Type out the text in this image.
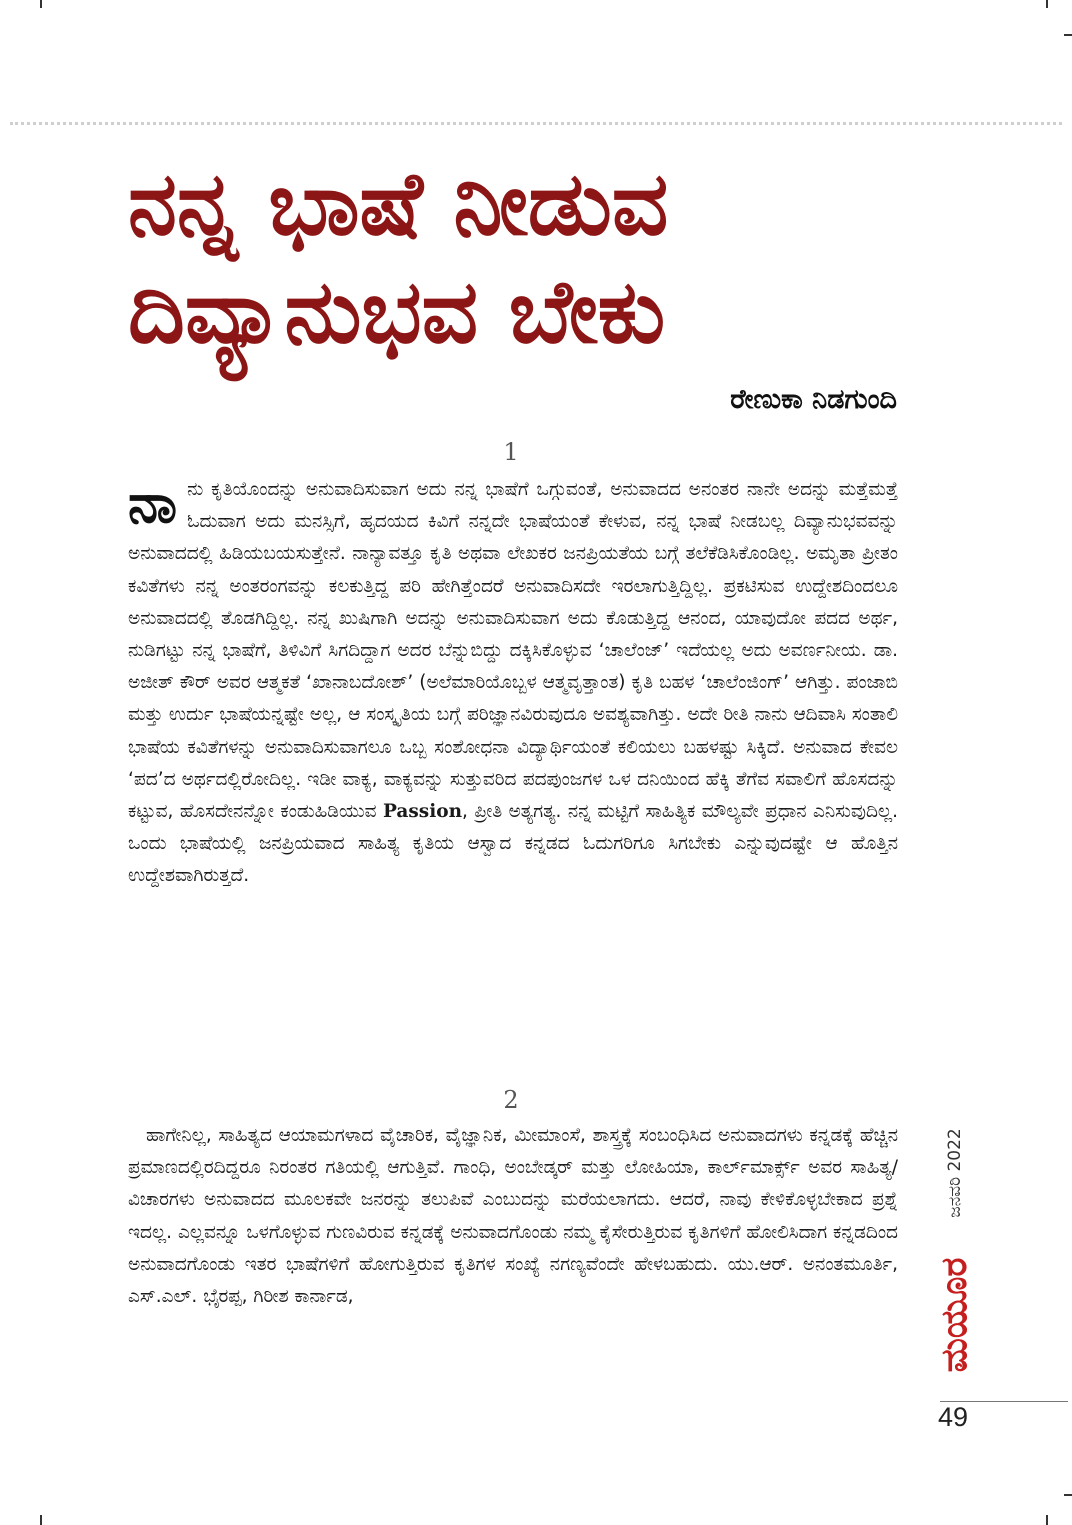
ನನ್ನ ಭಾಷೆ ನೀಡುವ
ದಿವ್ಯಾನುಭವ ಬೇಕು
ರೇಣುಕಾ ನಿಡಗುಂದಿ
1

ನಾನು ಕೃತಿಯೊಂದನ್ನು ಅನುವಾದಿಸುವಾಗ ಅದು ನನ್ನ ಭಾಷೆಗೆ ಒಗ್ಗುವಂತೆ, ಅನುವಾದದ ಅನಂತರ ನಾನೇ ಅದನ್ನು ಮತ್ತೆಮತ್ತೆ ಓದುವಾಗ ಅದು ಮನಸ್ಸಿಗೆ, ಹೃದಯದ ಕಿವಿಗೆ ನನ್ನದೇ ಭಾಷೆಯಂತೆ ಕೇಳುವ, ನನ್ನ ಭಾಷೆ ನೀಡಬಲ್ಲ ದಿವ್ಯಾನುಭವವನ್ನು ಅನುವಾದದಲ್ಲಿ ಹಿಡಿಯಬಯಸುತ್ತೇನೆ. ನಾನ್ಯಾವತ್ತೂ ಕೃತಿ ಅಥವಾ ಲೇಖಕರ ಜನಪ್ರಿಯತೆಯ ಬಗ್ಗೆ ತಲೆಕೆಡಿಸಿಕೊಂಡಿಲ್ಲ. ಅಮೃತಾ ಪ್ರೀತಂ ಕವಿತೆಗಳು ನನ್ನ ಅಂತರಂಗವನ್ನು ಕಲಕುತ್ತಿದ್ದ ಪರಿ ಹೇಗಿತ್ತೆಂದರೆ ಅನುವಾದಿಸದೇ ಇರಲಾಗುತ್ತಿದ್ದಿಲ್ಲ. ಪ್ರಕಟಿಸುವ ಉದ್ದೇಶದಿಂದಲೂ ಅನುವಾದದಲ್ಲಿ ತೊಡಗಿದ್ದಿಲ್ಲ. ನನ್ನ ಖುಷಿಗಾಗಿ ಅದನ್ನು ಅನುವಾದಿಸುವಾಗ ಅದು ಕೊಡುತ್ತಿದ್ದ ಆನಂದ, ಯಾವುದೋ ಪದದ ಅರ್ಥ, ನುಡಿಗಟ್ಟು ನನ್ನ ಭಾಷೆಗೆ, ತಿಳಿವಿಗೆ ಸಿಗದಿದ್ದಾಗ ಅದರ ಬೆನ್ನುಬಿದ್ದು ದಕ್ಕಿಸಿಕೊಳ್ಳುವ ‘ಚಾಲೆಂಜ್’ ಇದೆಯಲ್ಲ ಅದು ಅವರ್ಣನೀಯ. ಡಾ. ಅಜೀತ್ ಕೌರ್ ಅವರ ಆತ್ಮಕತೆ ‘ಖಾನಾಬದೋಶ್’ (ಅಲೆಮಾರಿಯೊಬ್ಬಳ ಆತ್ಮವೃತ್ತಾಂತ) ಕೃತಿ ಬಹಳ ‘ಚಾಲೆಂಜಿಂಗ್’ ಆಗಿತ್ತು. ಪಂಜಾಬಿ ಮತ್ತು ಉರ್ದು ಭಾಷೆಯನ್ನಷ್ಟೇ ಅಲ್ಲ, ಆ ಸಂಸ್ಕೃತಿಯ ಬಗ್ಗೆ ಪರಿಜ್ಞಾನವಿರುವುದೂ ಅವಶ್ಯವಾಗಿತ್ತು. ಅದೇ ರೀತಿ ನಾನು ಆದಿವಾಸಿ ಸಂತಾಲಿ ಭಾಷೆಯ ಕವಿತೆಗಳನ್ನು ಅನುವಾದಿಸುವಾಗಲೂ ಒಬ್ಬ ಸಂಶೋಧನಾ ವಿದ್ಯಾರ್ಥಿಯಂತೆ ಕಲಿಯಲು ಬಹಳಷ್ಟು ಸಿಕ್ಕಿದೆ. ಅನುವಾದ ಕೇವಲ ‘ಪದ’ದ ಅರ್ಥದಲ್ಲಿರೋದಿಲ್ಲ. ಇಡೀ ವಾಕ್ಯ, ವಾಕ್ಯವನ್ನು ಸುತ್ತುವರಿದ ಪದಪುಂಜಗಳ ಒಳ ದನಿಯಿಂದ ಹೆಕ್ಕಿ ತೆಗೆವ ಸವಾಲಿಗೆ ಹೊಸದನ್ನು ಕಟ್ಟುವ, ಹೊಸದೇನನ್ನೋ ಕಂಡುಹಿಡಿಯುವ Passion, ಪ್ರೀತಿ ಅತ್ಯಗತ್ಯ. ನನ್ನ ಮಟ್ಟಿಗೆ ಸಾಹಿತ್ಯಿಕ ಮೌಲ್ಯವೇ ಪ್ರಧಾನ ಎನಿಸುವುದಿಲ್ಲ. ಒಂದು ಭಾಷೆಯಲ್ಲಿ ಜನಪ್ರಿಯವಾದ ಸಾಹಿತ್ಯ ಕೃತಿಯ ಆಸ್ವಾದ ಕನ್ನಡದ ಓದುಗರಿಗೂ ಸಿಗಬೇಕು ಎನ್ನುವುದಷ್ಟೇ ಆ ಹೊತ್ತಿನ ಉದ್ದೇಶವಾಗಿರುತ್ತದೆ.

2

ಹಾಗೇನಿಲ್ಲ, ಸಾಹಿತ್ಯದ ಆಯಾಮಗಳಾದ ವೈಚಾರಿಕ, ವೈಜ್ಞಾನಿಕ, ಮೀಮಾಂಸೆ, ಶಾಸ್ತ್ರಕ್ಕೆ ಸಂಬಂಧಿಸಿದ ಅನುವಾದಗಳು ಕನ್ನಡಕ್ಕೆ ಹೆಚ್ಚಿನ ಪ್ರಮಾಣದಲ್ಲಿರದಿದ್ದರೂ ನಿರಂತರ ಗತಿಯಲ್ಲಿ ಆಗುತ್ತಿವೆ. ಗಾಂಧಿ, ಅಂಬೇಡ್ಕರ್ ಮತ್ತು ಲೋಹಿಯಾ, ಕಾರ್ಲ್‌ಮಾರ್ಕ್ಸ್ ಅವರ ಸಾಹಿತ್ಯ/ ವಿಚಾರಗಳು ಅನುವಾದದ ಮೂಲಕವೇ ಜನರನ್ನು ತಲುಪಿವೆ ಎಂಬುದನ್ನು ಮರೆಯಲಾಗದು. ಆದರೆ, ನಾವು ಕೇಳಿಕೊಳ್ಳಬೇಕಾದ ಪ್ರಶ್ನೆ ಇದಲ್ಲ. ಎಲ್ಲವನ್ನೂ ಒಳಗೊಳ್ಳುವ ಗುಣವಿರುವ ಕನ್ನಡಕ್ಕೆ ಅನುವಾದಗೊಂಡು ನಮ್ಮ ಕೈಸೇರುತ್ತಿರುವ ಕೃತಿಗಳಿಗೆ ಹೋಲಿಸಿದಾಗ ಕನ್ನಡದಿಂದ ಅನುವಾದಗೊಂಡು ಇತರ ಭಾಷೆಗಳಿಗೆ ಹೋಗುತ್ತಿರುವ ಕೃತಿಗಳ ಸಂಖ್ಯೆ ನಗಣ್ಯವೆಂದೇ ಹೇಳಬಹುದು. ಯು.ಆರ್. ಅನಂತಮೂರ್ತಿ, ಎಸ್.ಎಲ್. ಭೈರಪ್ಪ, ಗಿರೀಶ ಕಾರ್ನಾಡ,

ಜನವರಿ 2022
ಮಯೂರ
49
